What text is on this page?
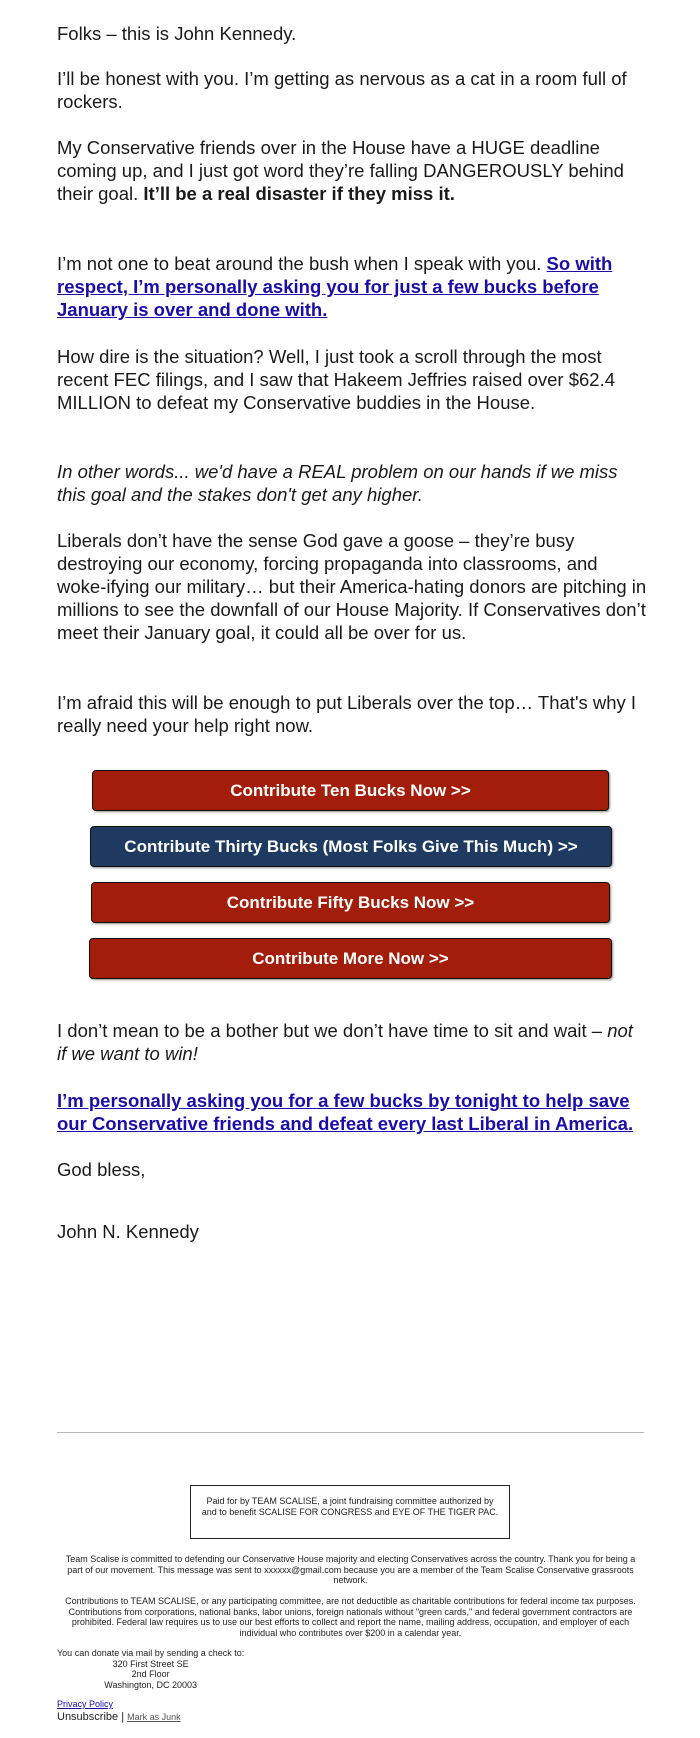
Folks – this is John Kennedy.

I’ll be honest with you. I’m getting as nervous as a cat in a room full of rockers.

My Conservative friends over in the House have a HUGE deadline coming up, and I just got word they’re falling DANGEROUSLY behind their goal. It’ll be a real disaster if they miss it.

I’m not one to beat around the bush when I speak with you. So with respect, I’m personally asking you for just a few bucks before January is over and done with.

How dire is the situation? Well, I just took a scroll through the most recent FEC filings, and I saw that Hakeem Jeffries raised over $62.4 MILLION to defeat my Conservative buddies in the House.

In other words... we'd have a REAL problem on our hands if we miss this goal and the stakes don't get any higher.

Liberals don’t have the sense God gave a goose – they’re busy destroying our economy, forcing propaganda into classrooms, and woke-ifying our military… but their America-hating donors are pitching in millions to see the downfall of our House Majority. If Conservatives don’t meet their January goal, it could all be over for us.

I’m afraid this will be enough to put Liberals over the top… That's why I really need your help right now.

I don’t mean to be a bother but we don’t have time to sit and wait – not if we want to win!

I’m personally asking you for a few bucks by tonight to help save our Conservative friends and defeat every last Liberal in America.

God bless,

John N. Kennedy

Contribute Ten Bucks Now >>
Contribute Thirty Bucks (Most Folks Give This Much) >>
Contribute Fifty Bucks Now >>
Contribute More Now >>
Paid for by TEAM SCALISE, a joint fundraising committee authorized by and to benefit SCALISE FOR CONGRESS and EYE OF THE TIGER PAC.
Team Scalise is committed to defending our Conservative House majority and electing Conservatives across the country. Thank you for being a part of our movement. This message was sent to xxxxxx@gmail.com because you are a member of the Team Scalise Conservative grassroots network.
Contributions to TEAM SCALISE, or any participating committee, are not deductible as charitable contributions for federal income tax purposes. Contributions from corporations, national banks, labor unions, foreign nationals without "green cards," and federal government contractors are prohibited. Federal law requires us to use our best efforts to collect and report the name, mailing address, occupation, and employer of each individual who contributes over $200 in a calendar year.
You can donate via mail by sending a check to:
320 First Street SE
2nd Floor
Washington, DC 20003
Privacy Policy
Unsubscribe | Mark as Junk
